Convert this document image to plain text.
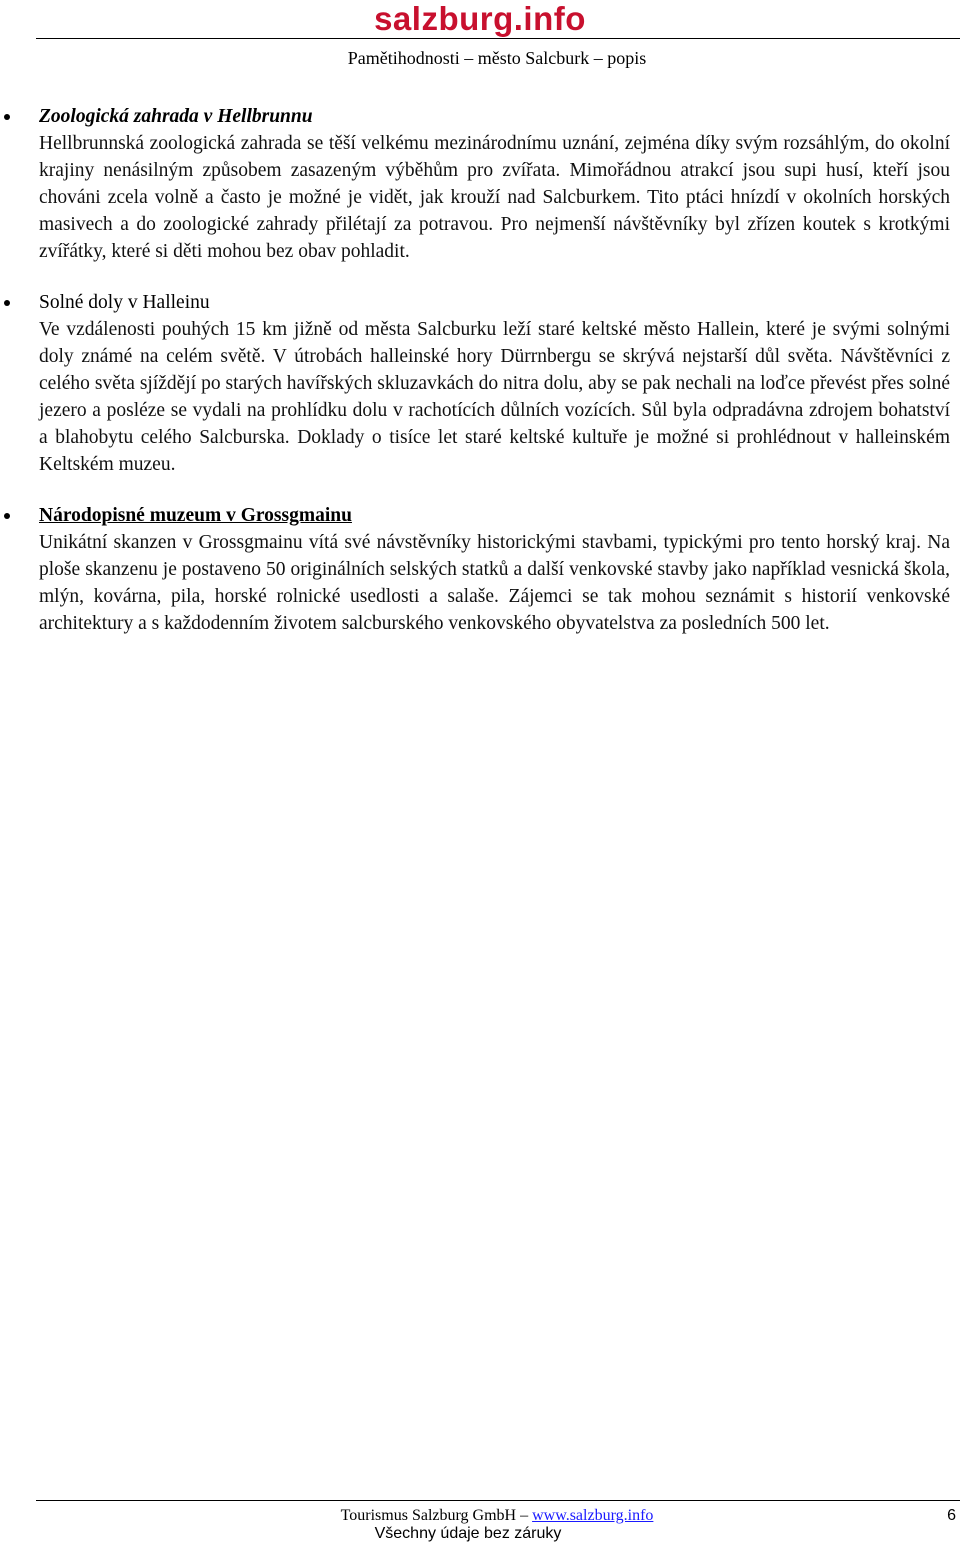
salzburg.info
Pamětihodnosti – město Salcburk – popis

Zoologická zahrada v Hellbrunnu

Hellbrunnská zoologická zahrada se těší velkému mezinárodnímu uznání, zejména díky svým rozsáhlým, do okolní krajiny nenásilným způsobem zasazeným výběhům pro zvířata. Mimořádnou atrakcí jsou supi husí, kteří jsou chováni zcela volně a často je možné je vidět, jak krouží nad Salcburkem. Tito ptáci hnízdí v okolních horských masivech a do zoologické zahrady přilétají za potravou. Pro nejmenší návštěvníky byl zřízen koutek s krotkými zvířátky, které si děti mohou bez obav pohladit.

Solné doly v Halleinu

Ve vzdálenosti pouhých 15 km jižně od města Salcburku leží staré keltské město Hallein, které je svými solnými doly známé na celém světě. V útrobách halleinské hory Dürrnbergu se skrývá nejstarší důl světa. Návštěvníci z celého světa sjíždějí po starých havířských skluzavkách do nitra dolu, aby se pak nechali na loďce převést přes solné jezero a posléze se vydali na prohlídku dolu v rachotících důlních vozících. Sůl byla odpradávna zdrojem bohatství a blahobytu celého Salcburska. Doklady o tisíce let staré keltské kultuře je možné si prohlédnout v halleinském Keltském muzeu.

Národopisné muzeum v Grossgmainu

Unikátní skanzen v Grossgmainu vítá své návstěvníky historickými stavbami, typickými pro tento horský kraj. Na ploše skanzenu je postaveno 50 originálních selských statků a další venkovské stavby jako například vesnická škola, mlýn, kovárna, pila, horské rolnické usedlosti a salaše. Zájemci se tak mohou seznámit s historií venkovské architektury a s každodenním životem salcburského venkovského obyvatelstva za posledních 500 let.

Tourismus Salzburg GmbH – www.salzburg.info
Všechny údaje bez záruky
6
